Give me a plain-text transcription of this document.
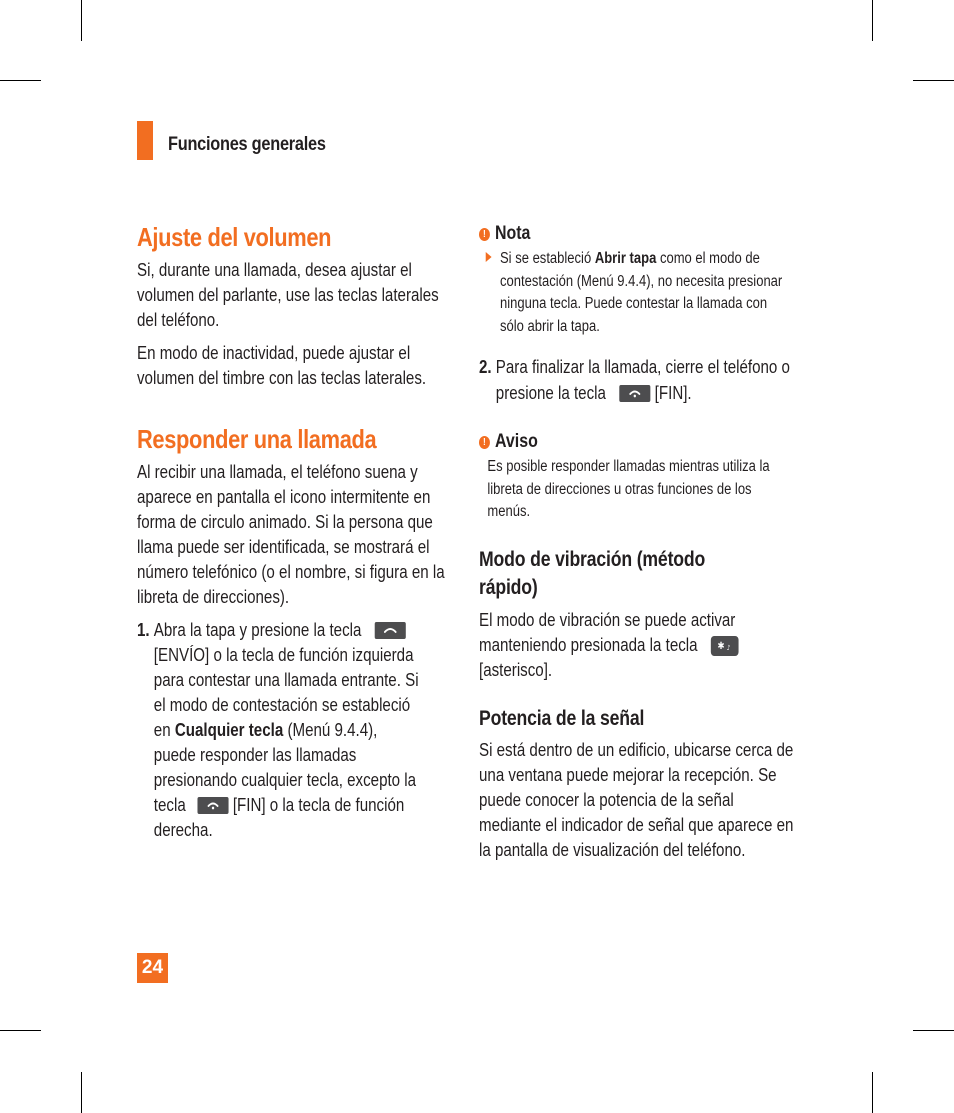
Funciones generales
Ajuste del volumen

Si, durante una llamada, desea ajustar el volumen del parlante, use las teclas laterales del teléfono.

En modo de inactividad, puede ajustar el volumen del timbre con las teclas laterales.

Responder una llamada

Al recibir una llamada, el teléfono suena y aparece en pantalla el icono intermitente en forma de circulo animado. Si la persona que llama puede ser identificada, se mostrará el número telefónico (o el nombre, si figura en la libreta de direcciones).

1. Abra la tapa y presione la tecla
[ENVÍO] o la tecla de función izquierda para contestar una llamada entrante. Si el modo de contestación se estableció en Cualquier tecla (Menú 9.4.4), puede responder las llamadas presionando cualquier tecla, excepto la tecla	[FIN] o la tecla de función derecha.
! Nota
Si se estableció Abrir tapa como el modo de contestación (Menú 9.4.4), no necesita presionar ninguna tecla. Puede contestar la llamada con sólo abrir la tapa.
2. Para finalizar la llamada, cierre el teléfono o presione la tecla	[FIN].
! Aviso
Es posible responder llamadas mientras utiliza la libreta de direcciones u otras funciones de los menús.
Modo de vibración (método rápido)

El modo de vibración se puede activar manteniendo presionada la tecla ✱ ♪
[asterisco].

Potencia de la señal

Si está dentro de un edificio, ubicarse cerca de una ventana puede mejorar la recepción. Se puede conocer la potencia de la señal mediante el indicador de señal que aparece en la pantalla de visualización del teléfono.

24
